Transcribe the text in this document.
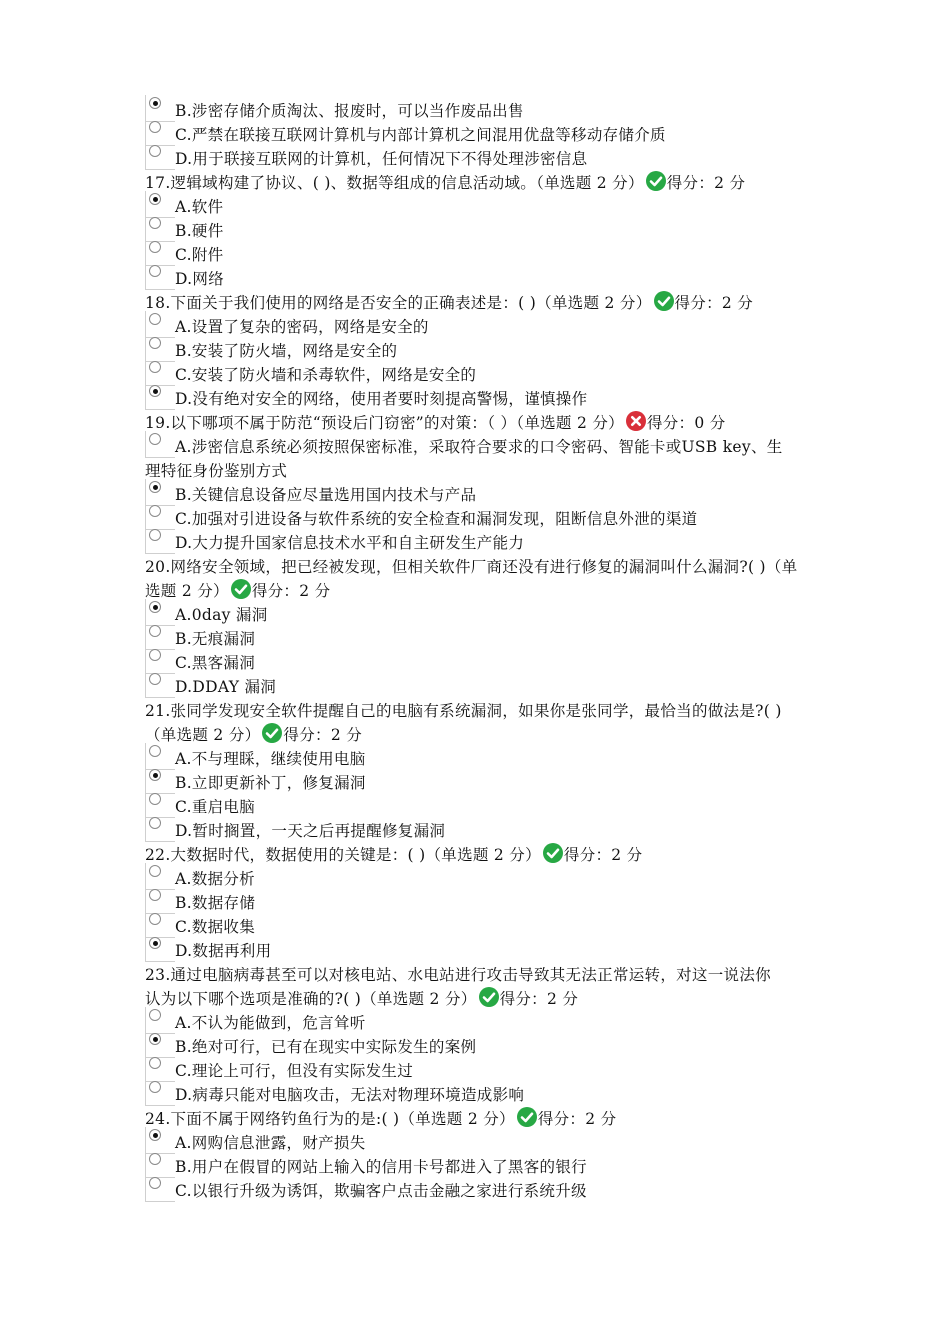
B.涉密存储介质淘汰、报废时，可以当作废品出售
C.严禁在联接互联网计算机与内部计算机之间混用优盘等移动存储介质
D.用于联接互联网的计算机，任何情况下不得处理涉密信息
17.逻辑域构建了协议、( )、数据等组成的信息活动域。（单选题 2 分） 得分：2 分
A.软件
B.硬件
C.附件
D.网络
18.下面关于我们使用的网络是否安全的正确表述是：( )（单选题 2 分） 得分：2 分
A.设置了复杂的密码，网络是安全的
B.安装了防火墙，网络是安全的
C.安装了防火墙和杀毒软件，网络是安全的
D.没有绝对安全的网络，使用者要时刻提高警惕，谨慎操作
19.以下哪项不属于防范“预设后门窃密”的对策：（ ）（单选题 2 分） 得分：0 分
A.涉密信息系统必须按照保密标准，采取符合要求的口令密码、智能卡或USB key、生
理特征身份鉴别方式
B.关键信息设备应尽量选用国内技术与产品
C.加强对引进设备与软件系统的安全检查和漏洞发现，阻断信息外泄的渠道
D.大力提升国家信息技术水平和自主研发生产能力
20.网络安全领域，把已经被发现，但相关软件厂商还没有进行修复的漏洞叫什么漏洞?( )（单
选题 2 分） 得分：2 分
A.0day 漏洞
B.无痕漏洞
C.黑客漏洞
D.DDAY 漏洞
21.张同学发现安全软件提醒自己的电脑有系统漏洞，如果你是张同学，最恰当的做法是?( )
（单选题 2 分） 得分：2 分
A.不与理睬，继续使用电脑
B.立即更新补丁，修复漏洞
C.重启电脑
D.暂时搁置，一天之后再提醒修复漏洞
22.大数据时代，数据使用的关键是：( )（单选题 2 分） 得分：2 分
A.数据分析
B.数据存储
C.数据收集
D.数据再利用
23.通过电脑病毒甚至可以对核电站、水电站进行攻击导致其无法正常运转，对这一说法你
认为以下哪个选项是准确的?( )（单选题 2 分） 得分：2 分
A.不认为能做到，危言耸听
B.绝对可行，已有在现实中实际发生的案例
C.理论上可行，但没有实际发生过
D.病毒只能对电脑攻击，无法对物理环境造成影响
24.下面不属于网络钓鱼行为的是:( )（单选题 2 分） 得分：2 分
A.网购信息泄露，财产损失
B.用户在假冒的网站上输入的信用卡号都进入了黑客的银行
C.以银行升级为诱饵，欺骗客户点击金融之家进行系统升级
